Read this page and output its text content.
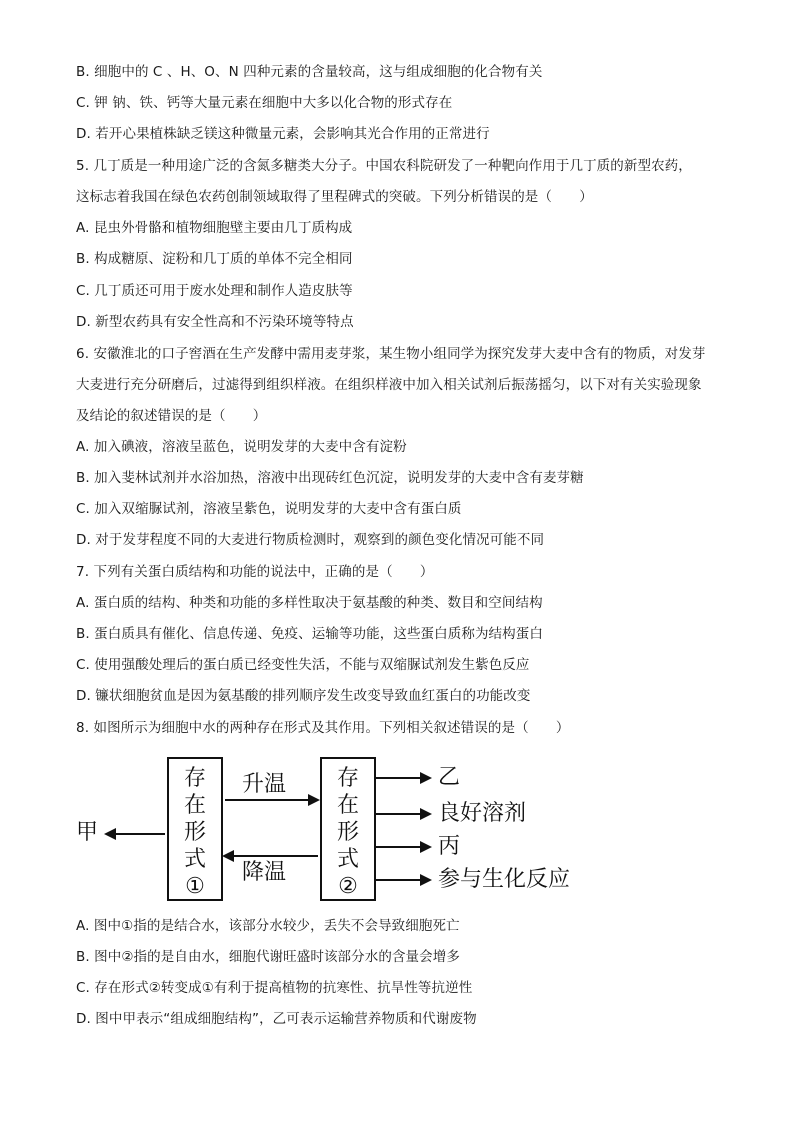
B. 细胞中的 C 、H、O、N 四种元素的含量较高，这与组成细胞的化合物有关
C. 钾 钠、铁、钙等大量元素在细胞中大多以化合物的形式存在
D. 若开心果植株缺乏镁这种微量元素，会影响其光合作用的正常进行
5. 几丁质是一种用途广泛的含氮多糖类大分子。中国农科院研发了一种靶向作用于几丁质的新型农药，
这标志着我国在绿色农药创制领域取得了里程碑式的突破。下列分析错误的是（　　）
A. 昆虫外骨骼和植物细胞壁主要由几丁质构成
B. 构成糖原、淀粉和几丁质的单体不完全相同
C. 几丁质还可用于废水处理和制作人造皮肤等
D. 新型农药具有安全性高和不污染环境等特点
6. 安徽淮北的口子窖酒在生产发酵中需用麦芽浆，某生物小组同学为探究发芽大麦中含有的物质，对发芽
大麦进行充分研磨后，过滤得到组织样液。在组织样液中加入相关试剂后振荡摇匀，以下对有关实验现象
及结论的叙述错误的是（　　）
A. 加入碘液，溶液呈蓝色，说明发芽的大麦中含有淀粉
B. 加入斐林试剂并水浴加热，溶液中出现砖红色沉淀，说明发芽的大麦中含有麦芽糖
C. 加入双缩脲试剂，溶液呈紫色，说明发芽的大麦中含有蛋白质
D. 对于发芽程度不同的大麦进行物质检测时，观察到的颜色变化情况可能不同
7. 下列有关蛋白质结构和功能的说法中，正确的是（　　）
A. 蛋白质的结构、种类和功能的多样性取决于氨基酸的种类、数目和空间结构
B. 蛋白质具有催化、信息传递、免疫、运输等功能，这些蛋白质称为结构蛋白
C. 使用强酸处理后的蛋白质已经变性失活，不能与双缩脲试剂发生紫色反应
D. 镰状细胞贫血是因为氨基酸的排列顺序发生改变导致血红蛋白的功能改变
8. 如图所示为细胞中水的两种存在形式及其作用。下列相关叙述错误的是（　　）
存
在
形
式
①
存
在
形
式
②
甲
升温
降温
乙
良好溶剂
丙
参与生化反应
A. 图中①指的是结合水，该部分水较少，丢失不会导致细胞死亡
B. 图中②指的是自由水，细胞代谢旺盛时该部分水的含量会增多
C. 存在形式②转变成①有利于提高植物的抗寒性、抗旱性等抗逆性
D. 图中甲表示“组成细胞结构”，乙可表示运输营养物质和代谢废物
